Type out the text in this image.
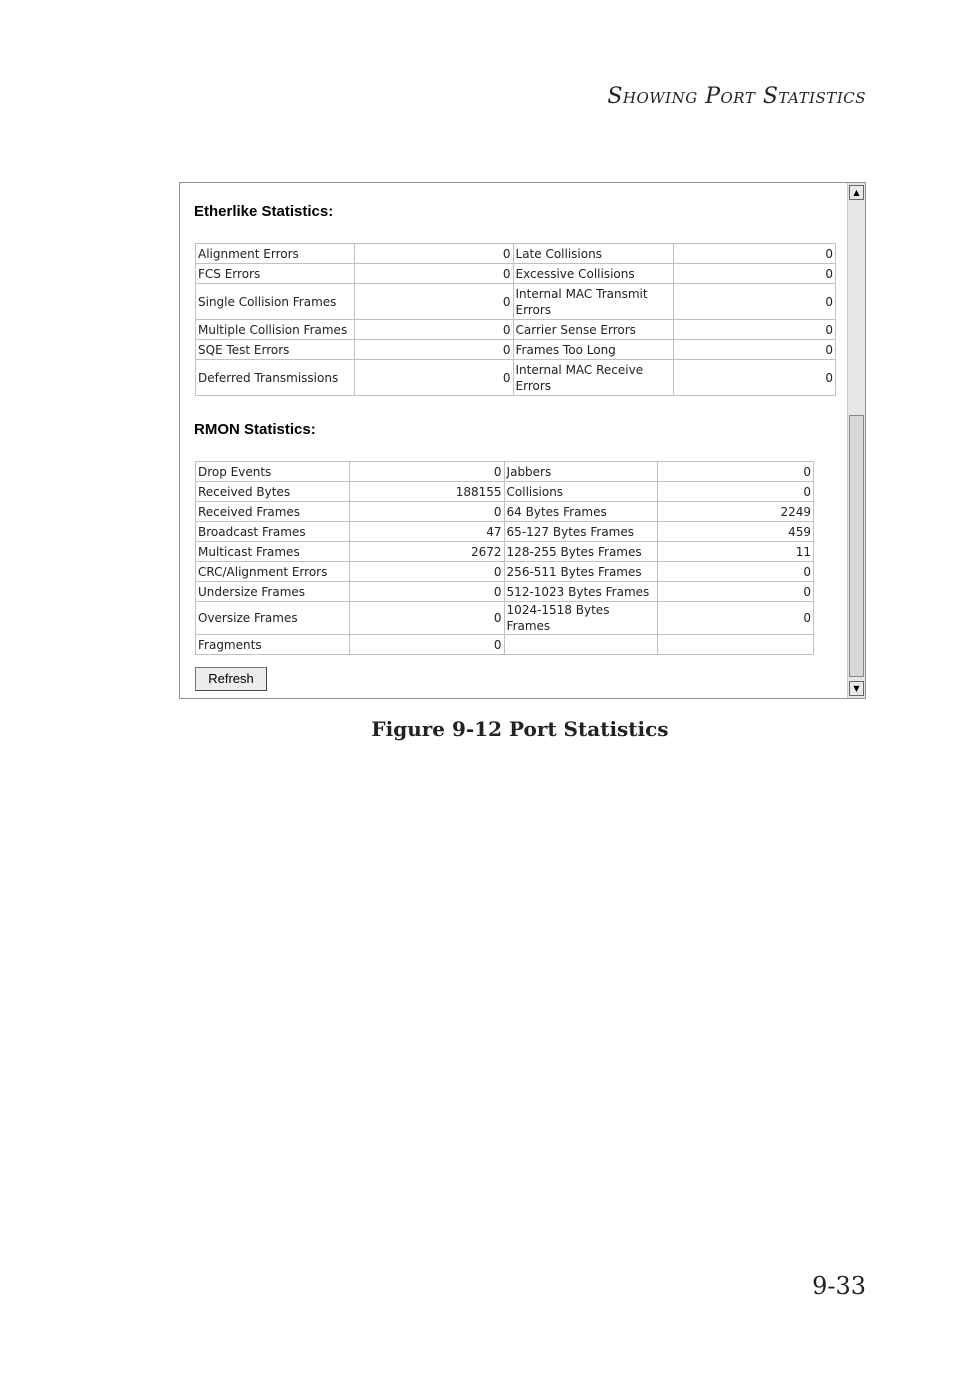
Showing Port Statistics
Etherlike Statistics:
Alignment Errors	0	Late Collisions	0
FCS Errors	0	Excessive Collisions	0
Single Collision Frames	0	Internal MAC Transmit Errors	0
Multiple Collision Frames	0	Carrier Sense Errors	0
SQE Test Errors	0	Frames Too Long	0
Deferred Transmissions	0	Internal MAC Receive Errors	0
RMON Statistics:
Drop Events	0	Jabbers	0
Received Bytes	188155	Collisions	0
Received Frames	0	64 Bytes Frames	2249
Broadcast Frames	47	65-127 Bytes Frames	459
Multicast Frames	2672	128-255 Bytes Frames	11
CRC/Alignment Errors	0	256-511 Bytes Frames	0
Undersize Frames	0	512-1023 Bytes Frames	0
Oversize Frames	0	1024-1518 Bytes Frames	0
Fragments	0		
Refresh
▲
▼
Figure 9-12 Port Statistics
9-33
